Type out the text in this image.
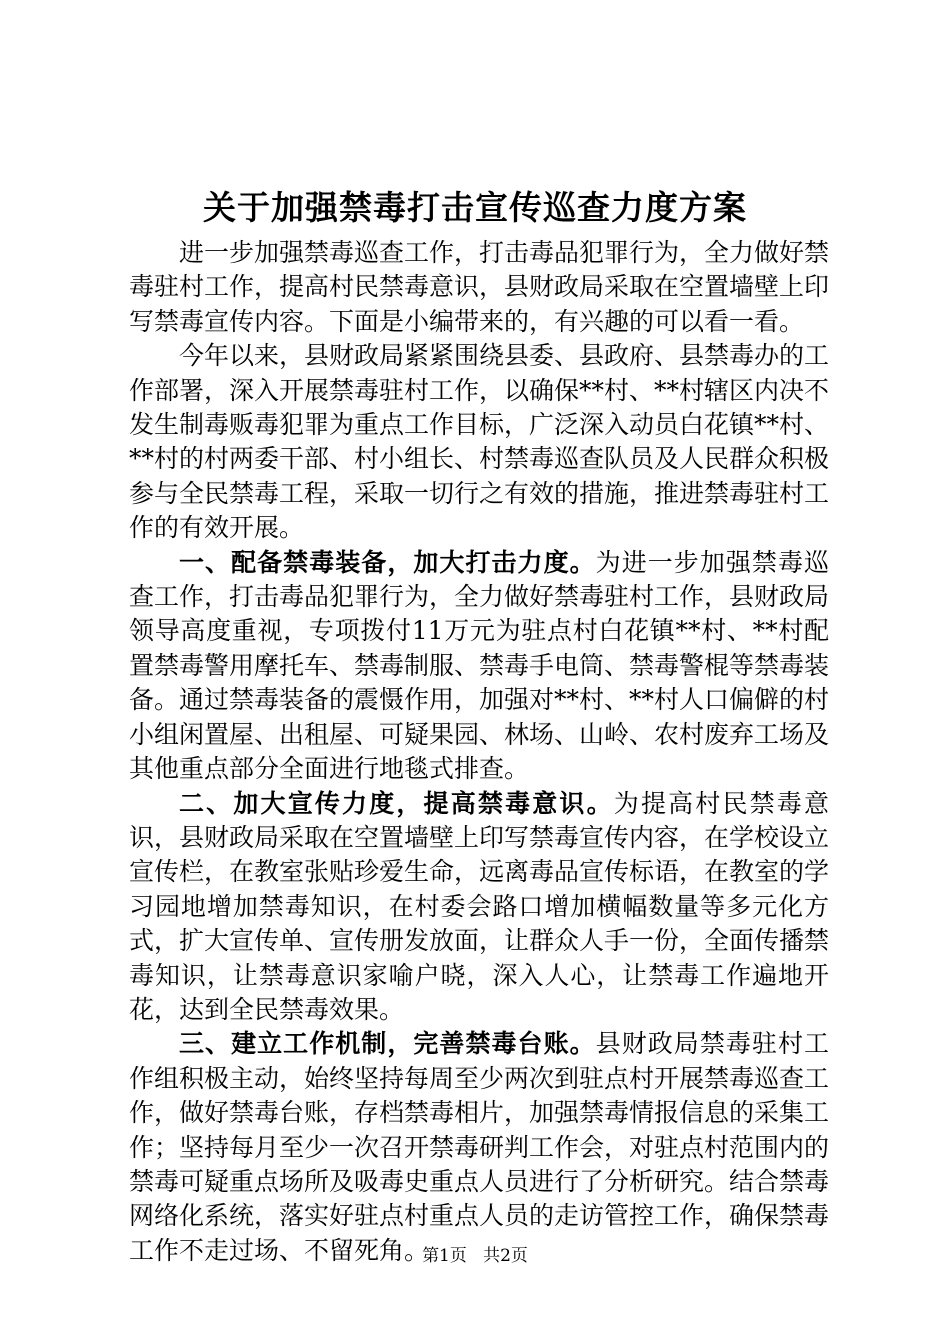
关于加强禁毒打击宣传巡查力度方案

进一步加强禁毒巡查工作，打击毒品犯罪行为，全力做好禁毒驻村工作，提高村民禁毒意识，县财政局采取在空置墙壁上印写禁毒宣传内容。下面是小编带来的，有兴趣的可以看一看。

今年以来，县财政局紧紧围绕县委、县政府、县禁毒办的工作部署，深入开展禁毒驻村工作，以确保**村、**村辖区内决不发生制毒贩毒犯罪为重点工作目标，广泛深入动员白花镇**村、**村的村两委干部、村小组长、村禁毒巡查队员及人民群众积极参与全民禁毒工程，采取一切行之有效的措施，推进禁毒驻村工作的有效开展。

一、配备禁毒装备，加大打击力度。为进一步加强禁毒巡查工作，打击毒品犯罪行为，全力做好禁毒驻村工作，县财政局领导高度重视，专项拨付11万元为驻点村白花镇**村、**村配置禁毒警用摩托车、禁毒制服、禁毒手电筒、禁毒警棍等禁毒装备。通过禁毒装备的震慑作用，加强对**村、**村人口偏僻的村小组闲置屋、出租屋、可疑果园、林场、山岭、农村废弃工场及其他重点部分全面进行地毯式排查。

二、加大宣传力度，提高禁毒意识。为提高村民禁毒意识，县财政局采取在空置墙壁上印写禁毒宣传内容，在学校设立宣传栏，在教室张贴珍爱生命，远离毒品宣传标语，在教室的学习园地增加禁毒知识，在村委会路口增加横幅数量等多元化方式，扩大宣传单、宣传册发放面，让群众人手一份，全面传播禁毒知识，让禁毒意识家喻户晓，深入人心，让禁毒工作遍地开花，达到全民禁毒效果。

三、建立工作机制，完善禁毒台账。县财政局禁毒驻村工作组积极主动，始终坚持每周至少两次到驻点村开展禁毒巡查工作，做好禁毒台账，存档禁毒相片，加强禁毒情报信息的采集工作；坚持每月至少一次召开禁毒研判工作会，对驻点村范围内的禁毒可疑重点场所及吸毒史重点人员进行了分析研究。结合禁毒网络化系统，落实好驻点村重点人员的走访管控工作，确保禁毒工作不走过场、不留死角。

第1页 共2页
